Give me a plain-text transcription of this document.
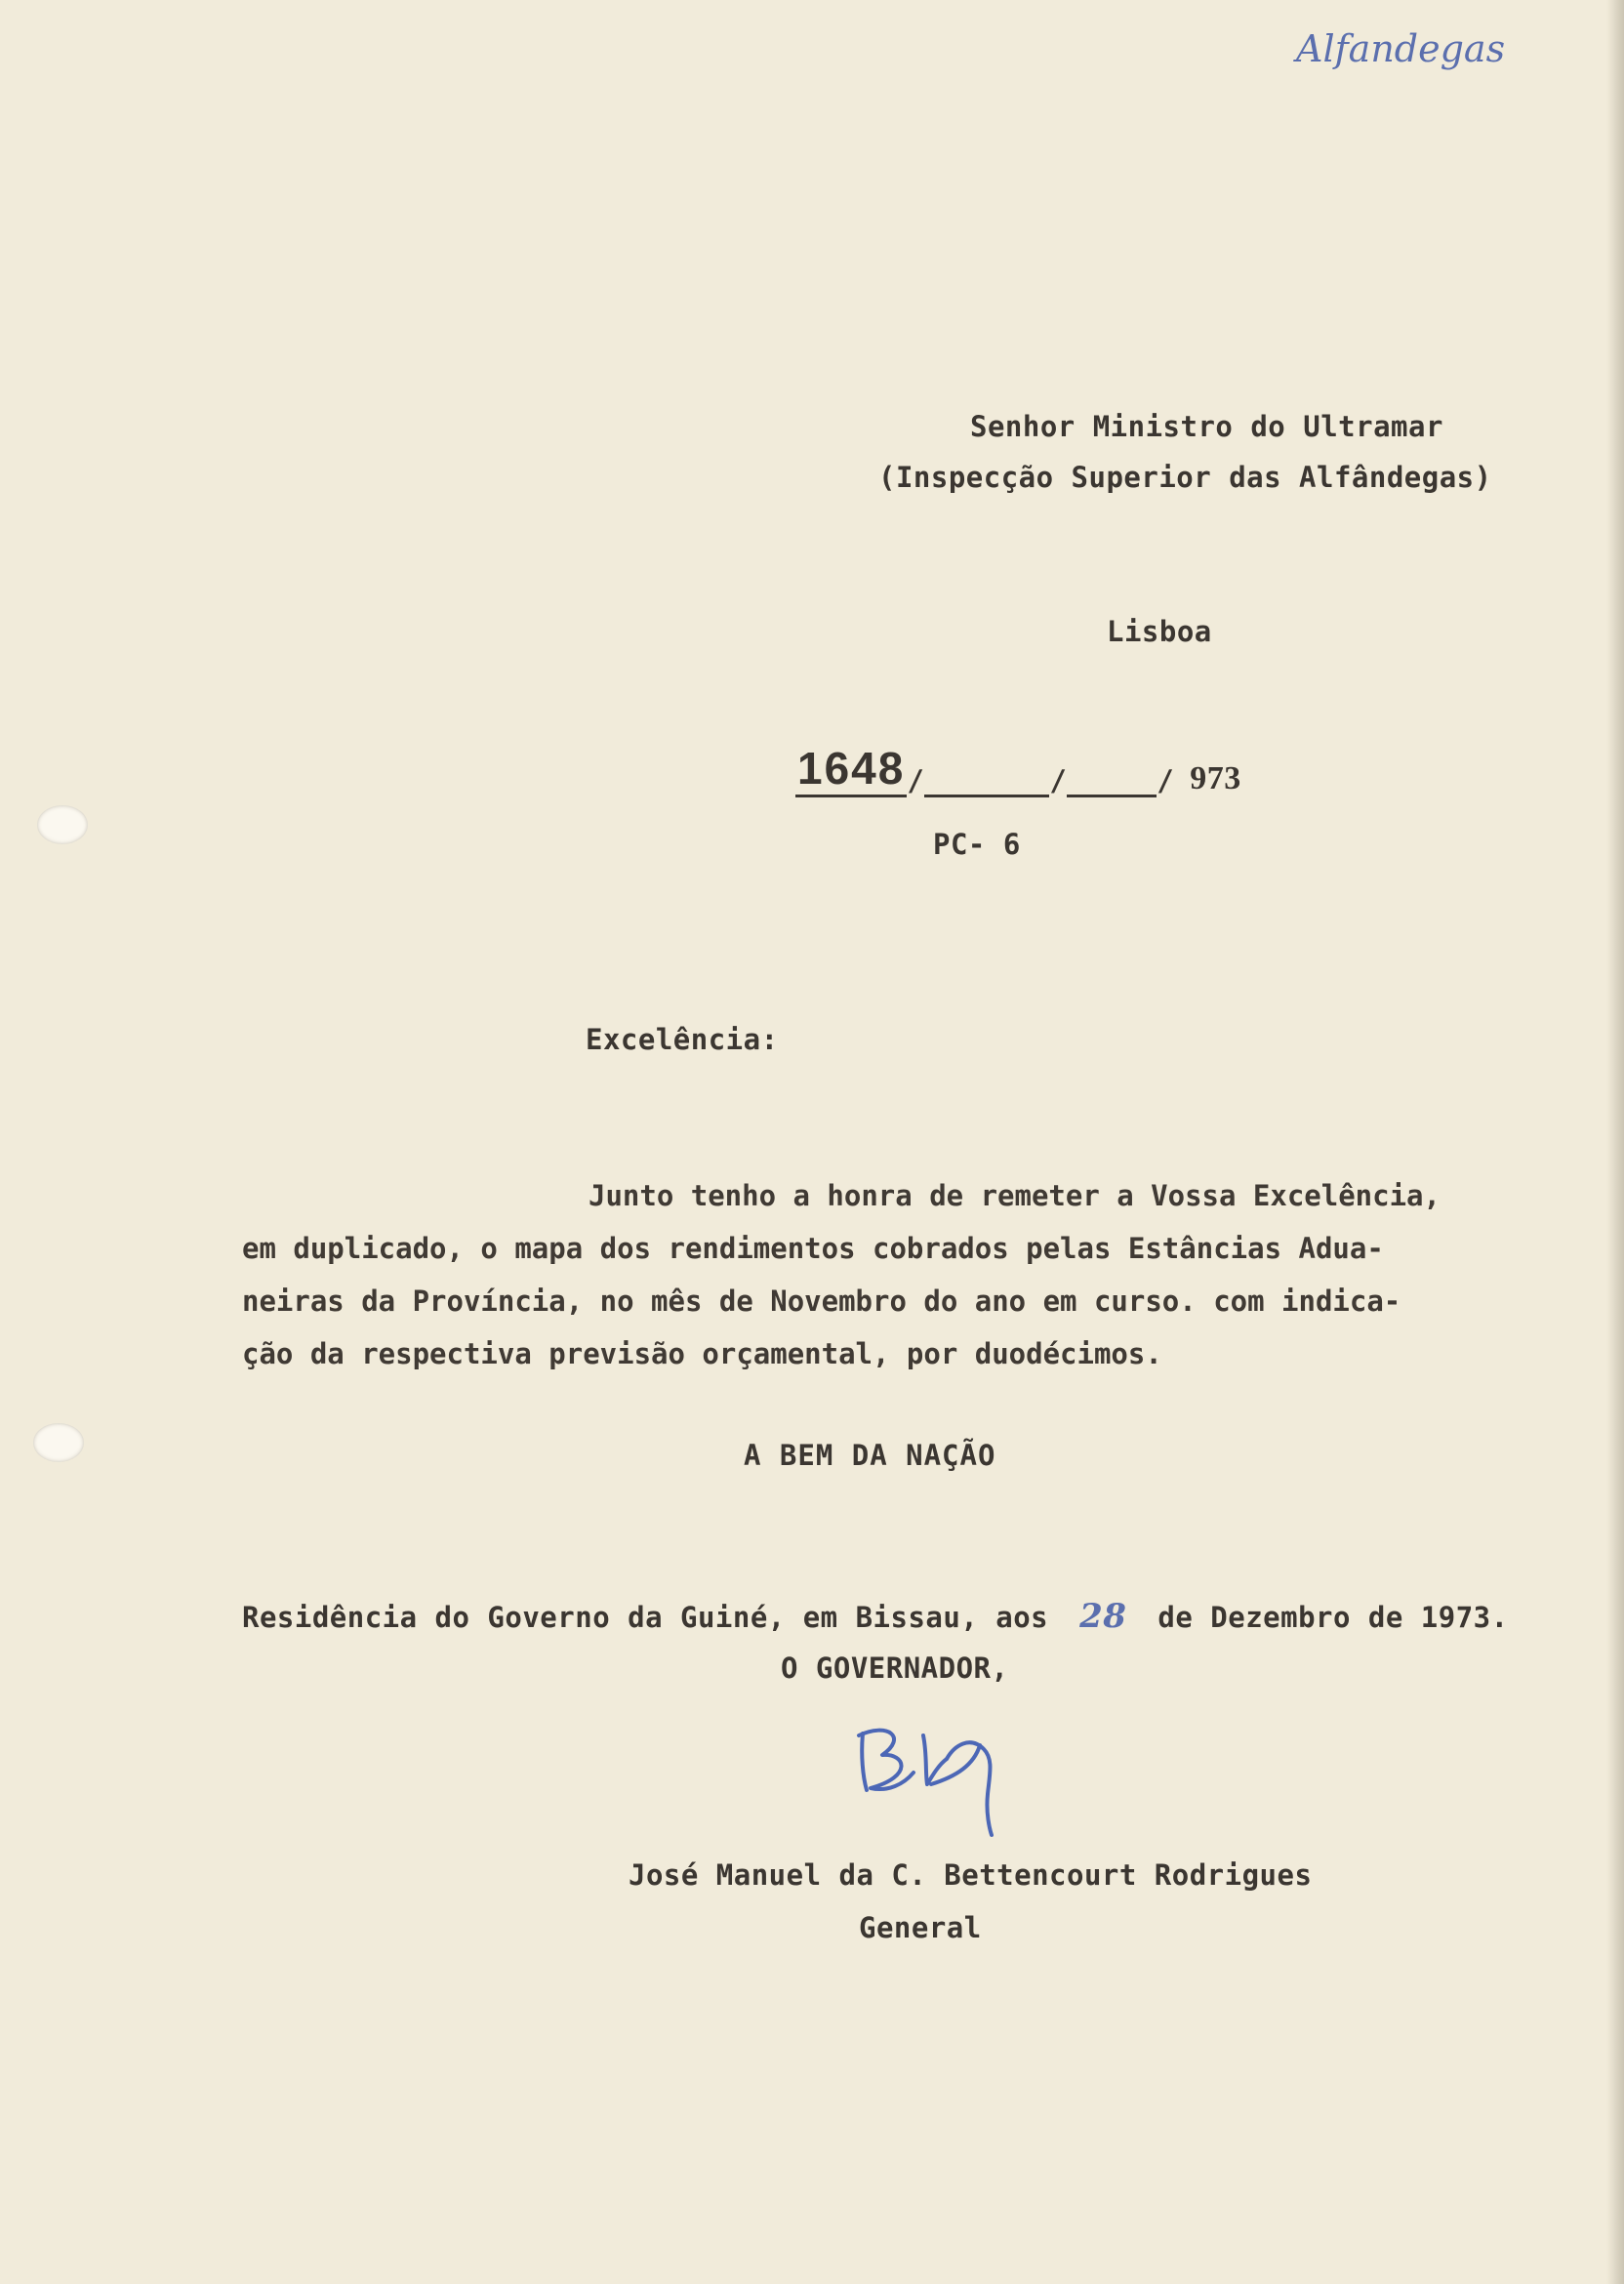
Alfandegas

Senhor Ministro do Ultramar

(Inspecção Superior das Alfândegas)

Lisboa

1648 /	/	/ 973

PC- 6

Excelência:

Junto tenho a honra de remeter a Vossa Excelência,

em duplicado, o mapa dos rendimentos cobrados pelas Estâncias Adua-

neiras da Província, no mês de Novembro do ano em curso. com indica-

ção da respectiva previsão orçamental, por duodécimos.

A BEM DA NAÇÃO

Residência do Governo da Guiné, em Bissau, aos 28 de Dezembro de 1973.

O GOVERNADOR,

José Manuel da C. Bettencourt Rodrigues

General
